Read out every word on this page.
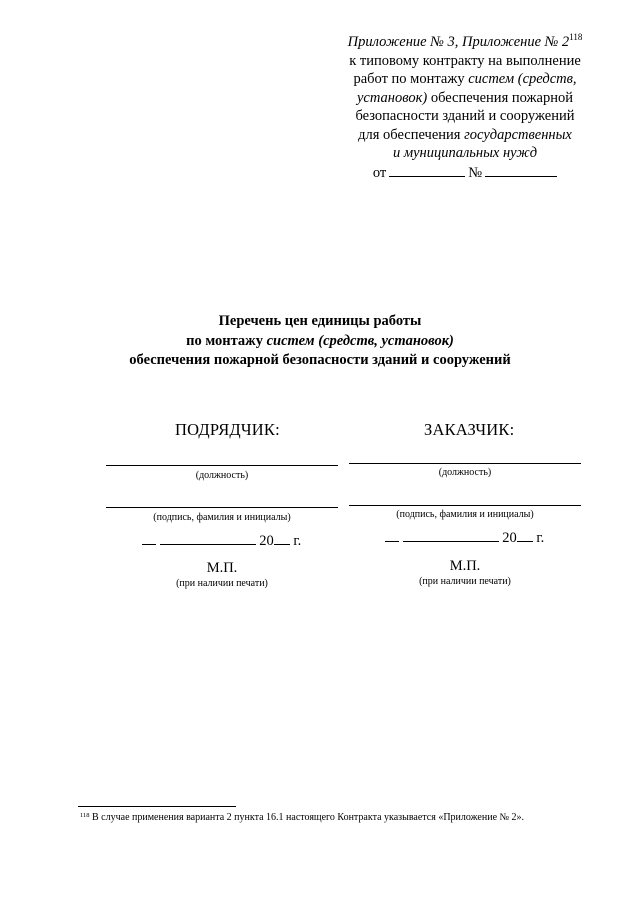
Приложение № 3, Приложение № $2^{118}$
к типовому контракту на выполнение
работ по монтажу систем (средств,
установок) обеспечения пожарной
безопасности зданий и сооружений
для обеспечения государственных
и муниципальных нужд
от	№
Перечень цен единицы работы
по монтажу систем (средств, установок)
обеспечения пожарной безопасности зданий и сооружений
ПОДРЯДЧИК:
(должность)
(подпись, фамилия и инициалы)
20 г.
М.П.
(при наличии печати)
ЗАКАЗЧИК:
(должность)
(подпись, фамилия и инициалы)
20 г.
М.П.
(при наличии печати)
$^{118}$ В случае применения варианта 2 пункта 16.1 настоящего Контракта указывается «Приложение № 2».
